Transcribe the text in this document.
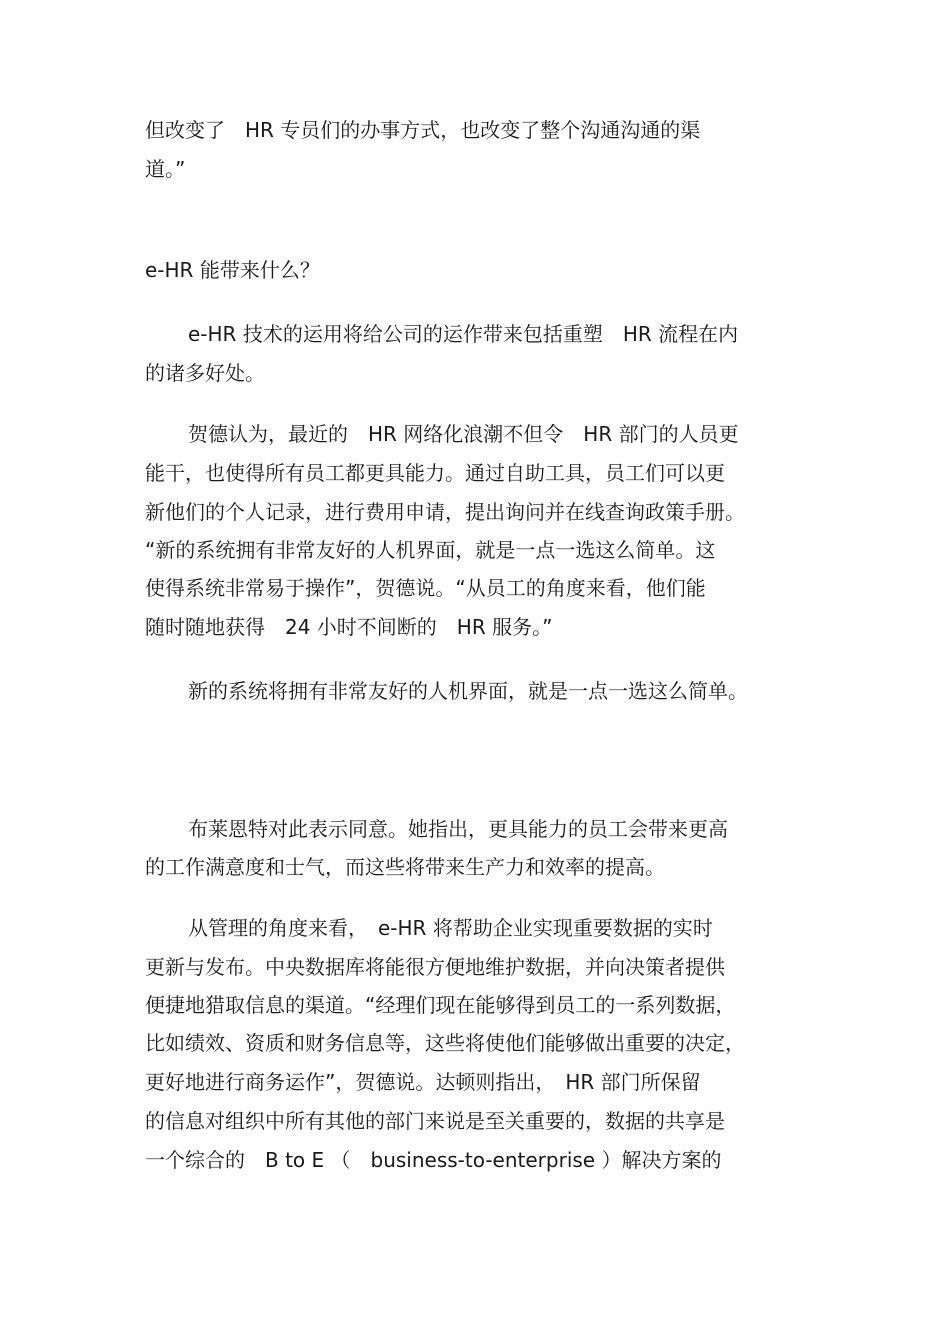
但改变了　HR 专员们的办事方式，也改变了整个沟通沟通的渠

道。”

e-HR 能带来什么？

e-HR 技术的运用将给公司的运作带来包括重塑　HR 流程在内

的诸多好处。

贺德认为，最近的　HR 网络化浪潮不但令　HR 部门的人员更

能干，也使得所有员工都更具能力。通过自助工具，员工们可以更

新他们的个人记录，进行费用申请，提出询问并在线查询政策手册。

“新的系统拥有非常友好的人机界面，就是一点一选这么简单。这

使得系统非常易于操作”，贺德说。“从员工的角度来看，他们能

随时随地获得　24 小时不间断的　HR 服务。”

新的系统将拥有非常友好的人机界面，就是一点一选这么简单。

布莱恩特对此表示同意。她指出，更具能力的员工会带来更高

的工作满意度和士气，而这些将带来生产力和效率的提高。

从管理的角度来看，　e-HR 将帮助企业实现重要数据的实时

更新与发布。中央数据库将能很方便地维护数据，并向决策者提供

便捷地猎取信息的渠道。“经理们现在能够得到员工的一系列数据，

比如绩效、资质和财务信息等，这些将使他们能够做出重要的决定，

更好地进行商务运作”，贺德说。达顿则指出，　HR 部门所保留

的信息对组织中所有其他的部门来说是至关重要的，数据的共享是

一个综合的　B to E （　business-to-enterprise ）解决方案的
